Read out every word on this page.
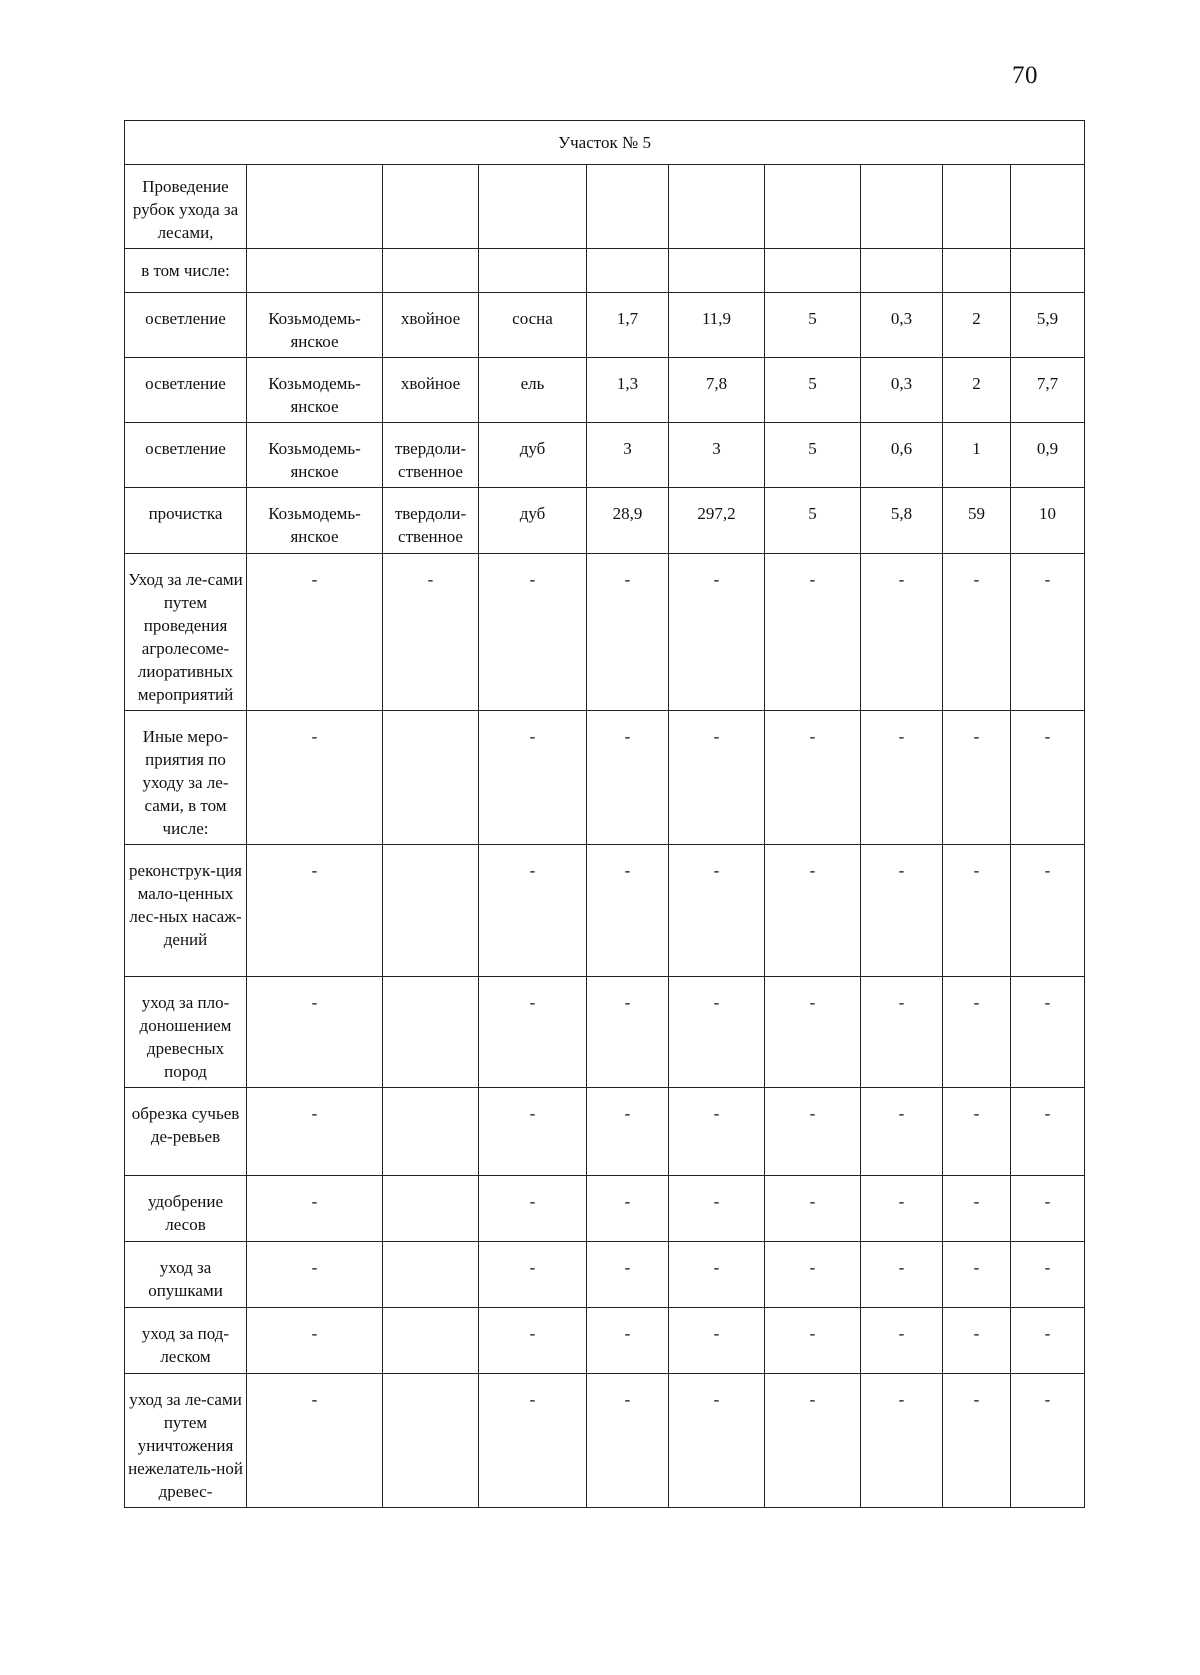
70
Участок № 5									
Проведение рубок ухода за лесами,									
в том числе:									
осветление	Козьмодемь-янское	хвойное	сосна	1,7	11,9	5	0,3	2	5,9
осветление	Козьмодемь-янское	хвойное	ель	1,3	7,8	5	0,3	2	7,7
осветление	Козьмодемь-янское	твердоли-ственное	дуб	3	3	5	0,6	1	0,9
прочистка	Козьмодемь-янское	твердоли-ственное	дуб	28,9	297,2	5	5,8	59	10
Уход за ле-сами путем проведения агролесоме-лиоративных мероприятий	-	-	-	-	-	-	-	-	-
Иные меро-приятия по уходу за ле-сами, в том числе:	-		-	-	-	-	-	-	-
реконструк-ция мало-ценных лес-ных насаж-дений	-		-	-	-	-	-	-	-
уход за пло-доношением древесных пород	-		-	-	-	-	-	-	-
обрезка сучьев де-ревьев	-		-	-	-	-	-	-	-
удобрение лесов	-		-	-	-	-	-	-	-
уход за опушками	-		-	-	-	-	-	-	-
уход за под-леском	-		-	-	-	-	-	-	-
уход за ле-сами путем уничтожения нежелатель-ной древес-	-		-	-	-	-	-	-	-
